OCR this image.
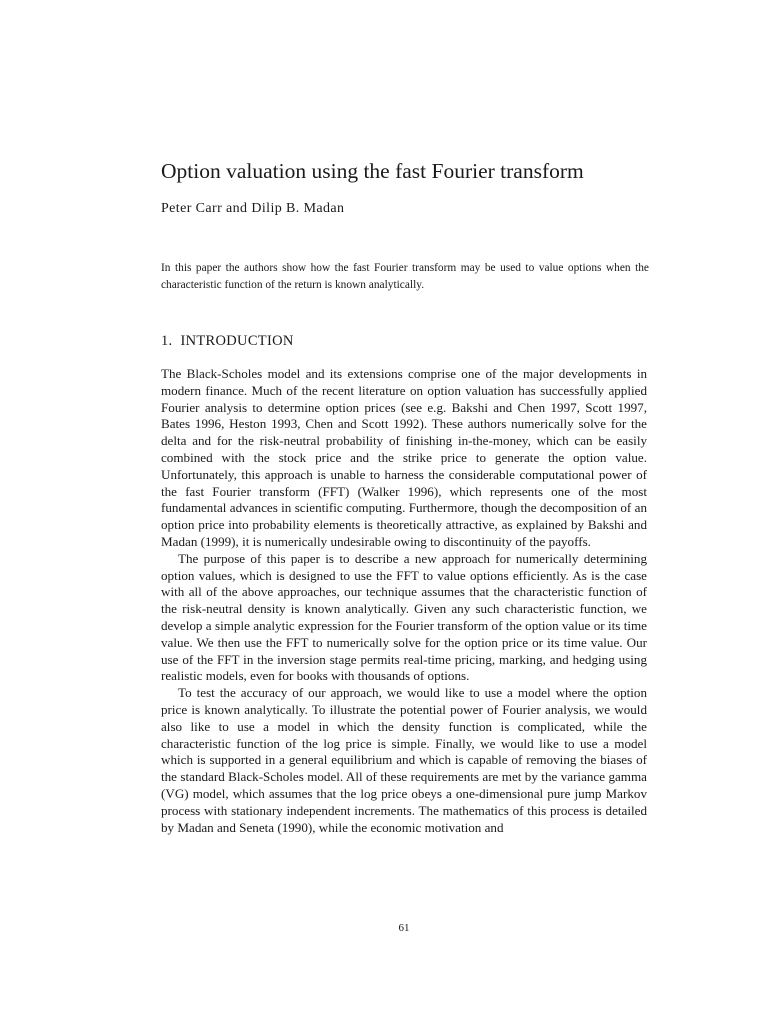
Option valuation using the fast Fourier transform
Peter Carr and Dilip B. Madan

In this paper the authors show how the fast Fourier transform may be used to value options when the characteristic function of the return is known analytically.

1. INTRODUCTION

The Black-Scholes model and its extensions comprise one of the major developments in modern finance. Much of the recent literature on option valuation has successfully applied Fourier analysis to determine option prices (see e.g. Bakshi and Chen 1997, Scott 1997, Bates 1996, Heston 1993, Chen and Scott 1992). These authors numerically solve for the delta and for the risk-neutral probability of finishing in-the-money, which can be easily combined with the stock price and the strike price to generate the option value. Unfortunately, this approach is unable to harness the considerable computational power of the fast Fourier transform (FFT) (Walker 1996), which represents one of the most fundamental advances in scientific computing. Furthermore, though the decomposition of an option price into probability elements is theoretically attractive, as explained by Bakshi and Madan (1999), it is numerically undesirable owing to discontinuity of the payoffs.

The purpose of this paper is to describe a new approach for numerically determining option values, which is designed to use the FFT to value options efficiently. As is the case with all of the above approaches, our technique assumes that the characteristic function of the risk-neutral density is known analytically. Given any such characteristic function, we develop a simple analytic expression for the Fourier transform of the option value or its time value. We then use the FFT to numerically solve for the option price or its time value. Our use of the FFT in the inversion stage permits real-time pricing, marking, and hedging using realistic models, even for books with thousands of options.

To test the accuracy of our approach, we would like to use a model where the option price is known analytically. To illustrate the potential power of Fourier analysis, we would also like to use a model in which the density function is complicated, while the characteristic function of the log price is simple. Finally, we would like to use a model which is supported in a general equilibrium and which is capable of removing the biases of the standard Black-Scholes model. All of these requirements are met by the variance gamma (VG) model, which assumes that the log price obeys a one-dimensional pure jump Markov process with stationary independent increments. The mathematics of this process is detailed by Madan and Seneta (1990), while the economic motivation and

61
